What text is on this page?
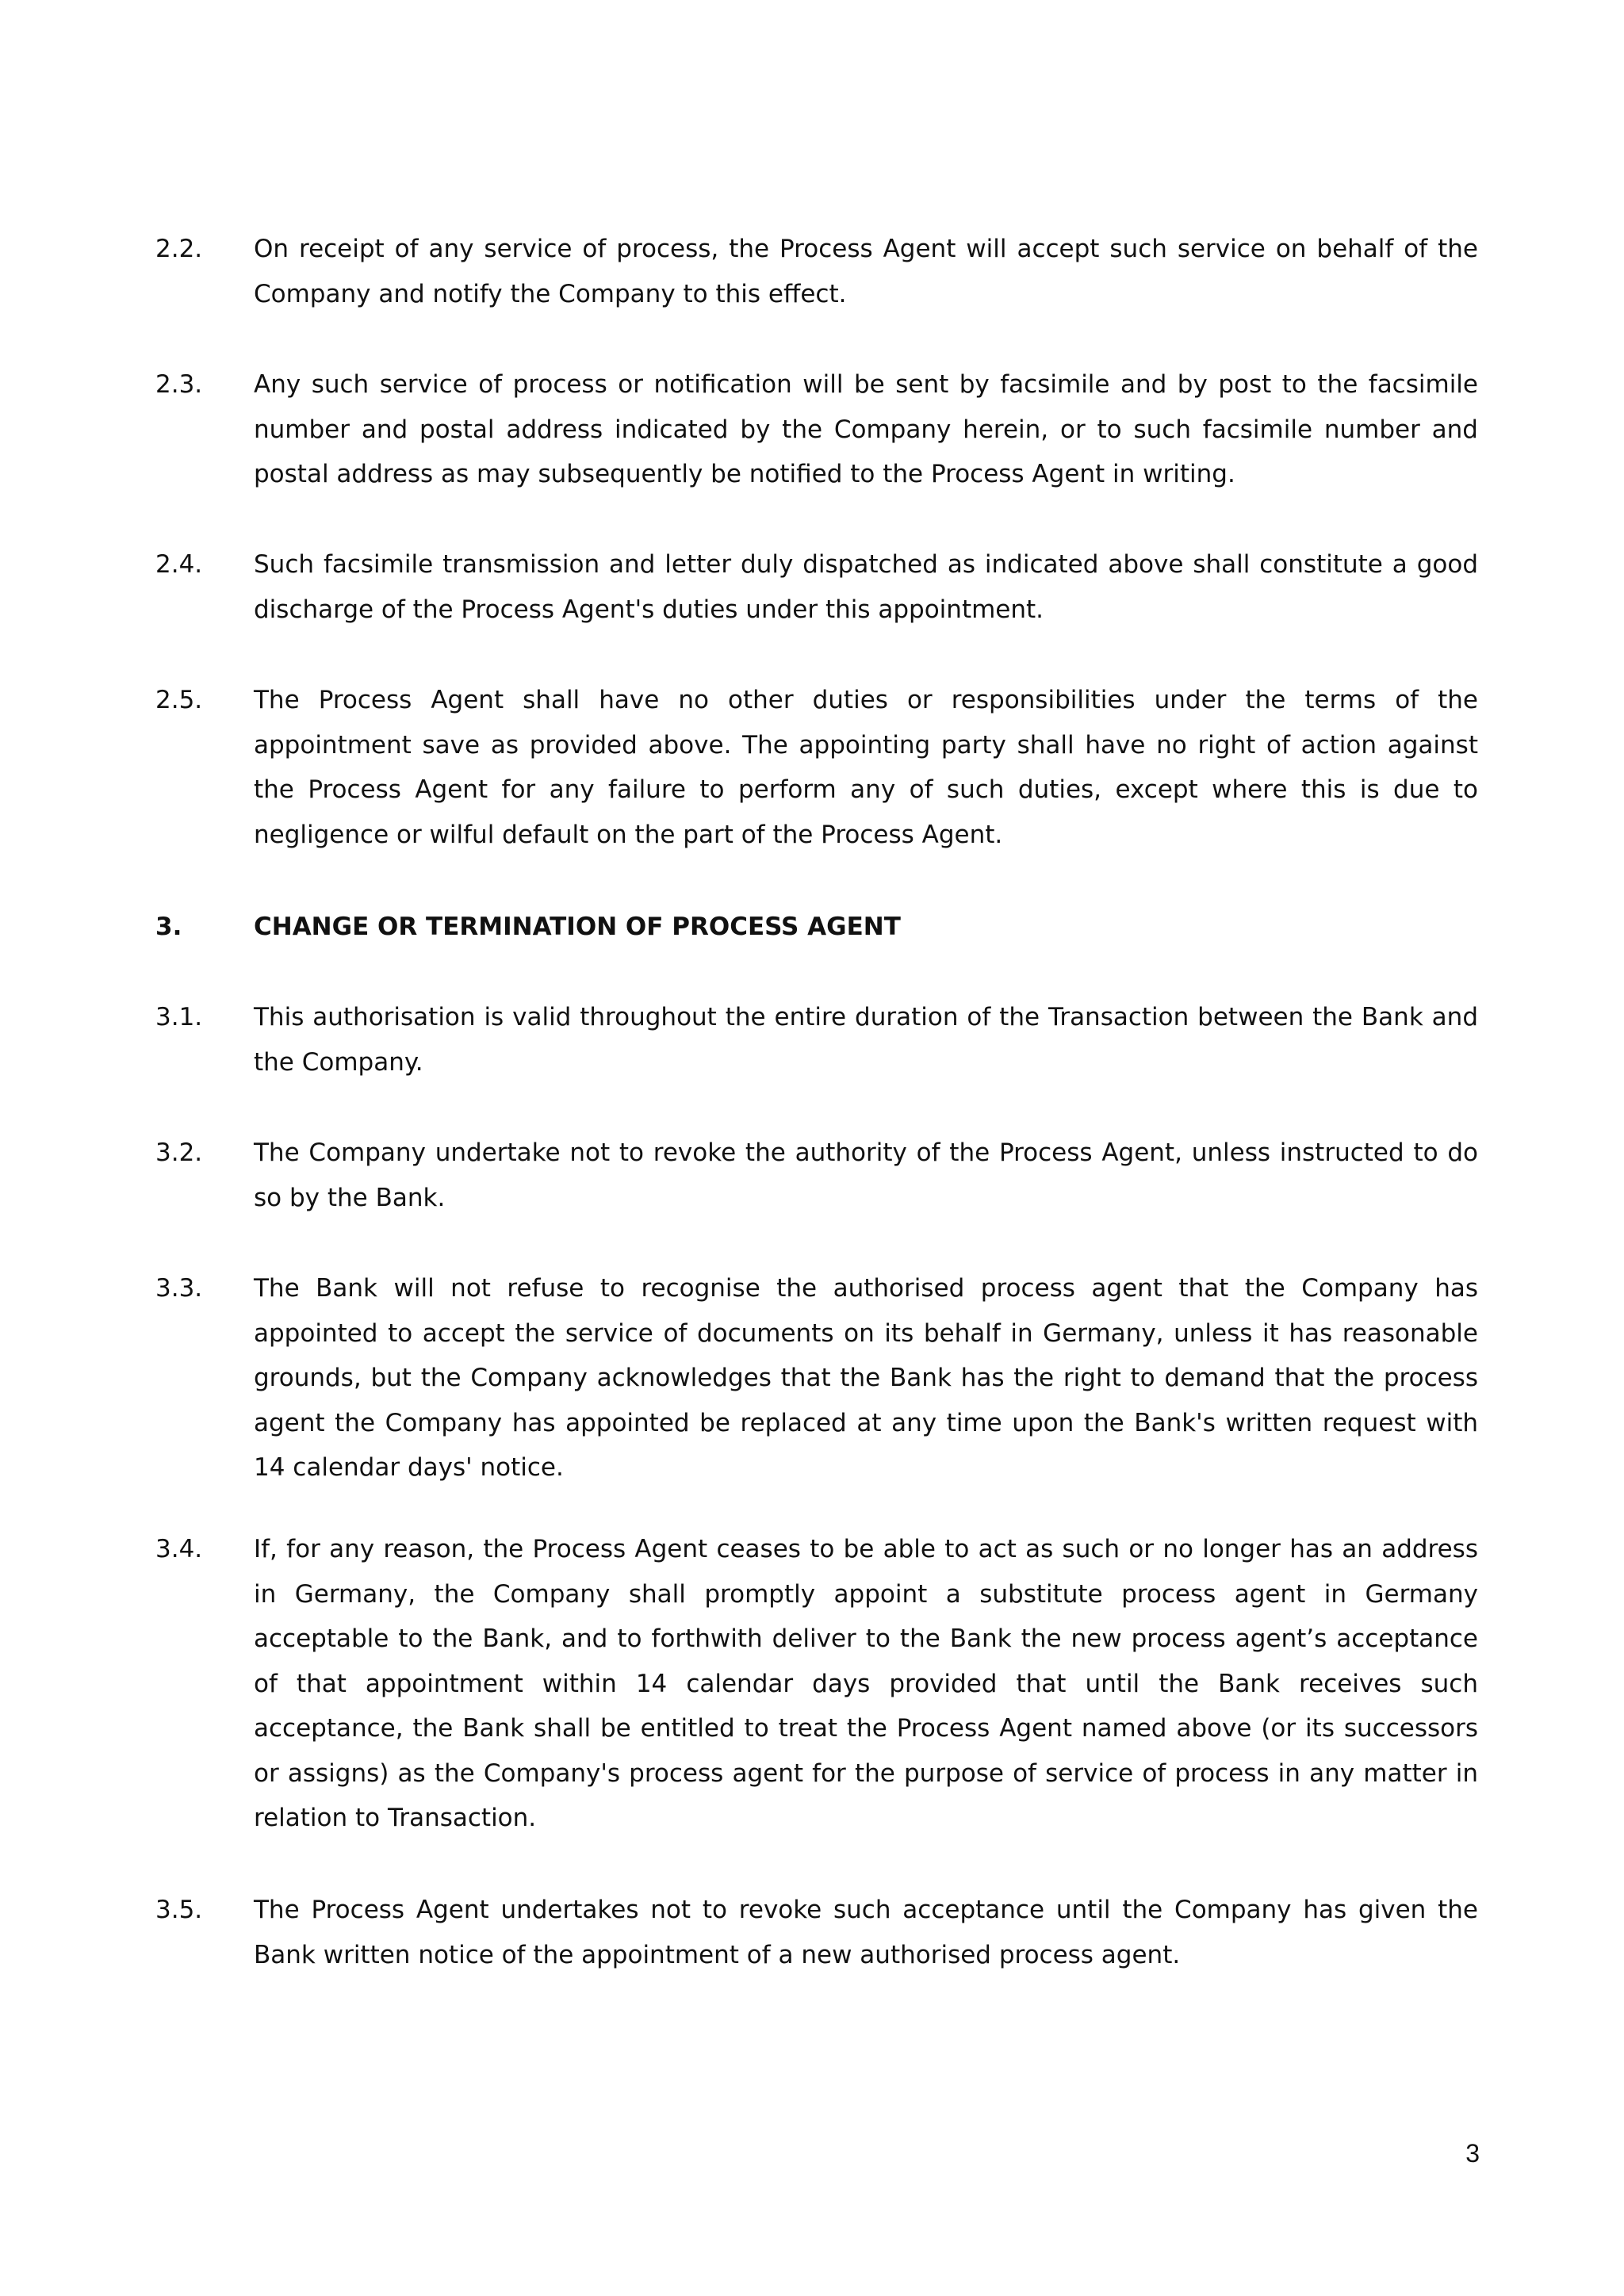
2.2.	On receipt of any service of process, the Process Agent will accept such service on behalf of the Company and notify the Company to this effect.
2.3.	Any such service of process or notification will be sent by facsimile and by post to the facsimile number and postal address indicated by the Company herein, or to such facsimile number and postal address as may subsequently be notified to the Process Agent in writing.
2.4.	Such facsimile transmission and letter duly dispatched as indicated above shall constitute a good discharge of the Process Agent's duties under this appointment.
2.5.	The Process Agent shall have no other duties or responsibilities under the terms of the appointment save as provided above. The appointing party shall have no right of action against the Process Agent for any failure to perform any of such duties, except where this is due to negligence or wilful default on the part of the Process Agent.
3.	CHANGE OR TERMINATION OF PROCESS AGENT
3.1.	This authorisation is valid throughout the entire duration of the Transaction between the Bank and the Company.
3.2.	The Company undertake not to revoke the authority of the Process Agent, unless instructed to do so by the Bank.
3.3.	The Bank will not refuse to recognise the authorised process agent that the Company has appointed to accept the service of documents on its behalf in Germany, unless it has reasonable grounds, but the Company acknowledges that the Bank has the right to demand that the process agent the Company has appointed be replaced at any time upon the Bank's written request with 14 calendar days' notice.
3.4.	If, for any reason, the Process Agent ceases to be able to act as such or no longer has an address in Germany, the Company shall promptly appoint a substitute process agent in Germany acceptable to the Bank, and to forthwith deliver to the Bank the new process agent’s acceptance of that appointment within 14 calendar days provided that until the Bank receives such acceptance, the Bank shall be entitled to treat the Process Agent named above (or its successors or assigns) as the Company's process agent for the purpose of service of process in any matter in relation to Transaction.
3.5.	The Process Agent undertakes not to revoke such acceptance until the Company has given the Bank written notice of the appointment of a new authorised process agent.
3
